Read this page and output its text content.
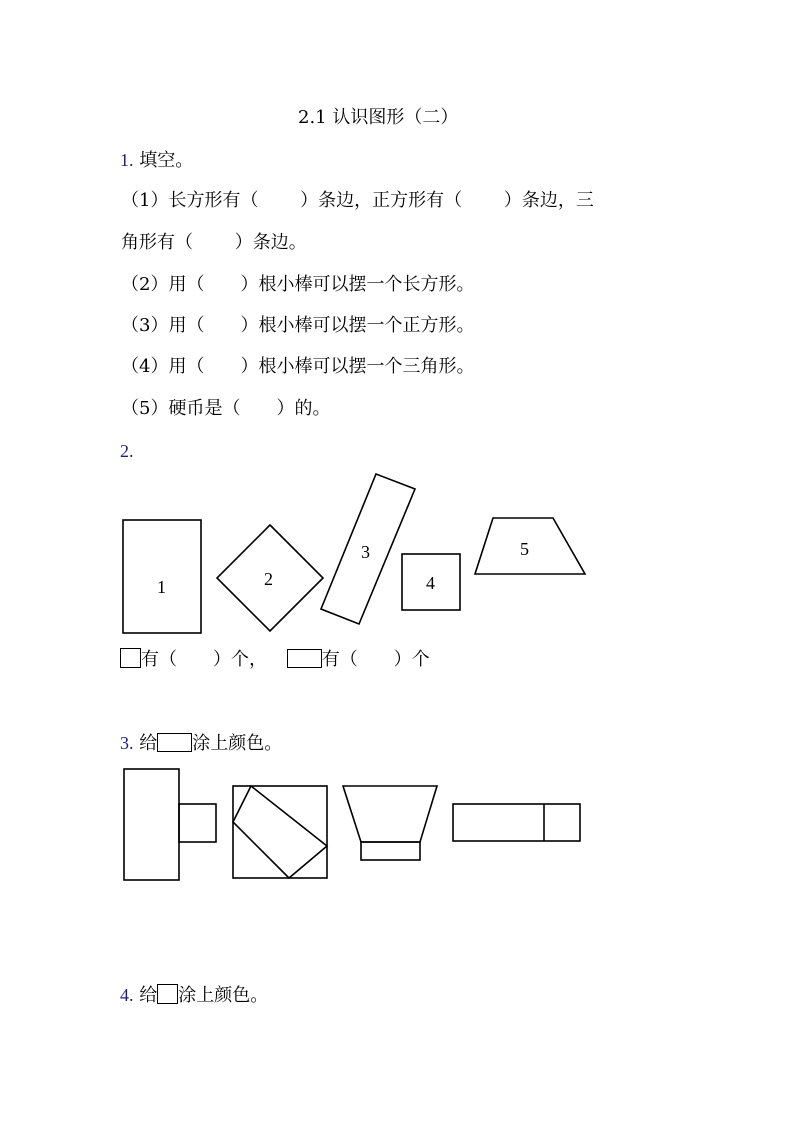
2.1 认识图形（二）
1. 填空。
（1）长方形有（　　 ）条边，正方形有（　　 ）条边，三
角形有（　　 ）条边。
（2）用（　　）根小棒可以摆一个长方形。
（3）用（　　）根小棒可以摆一个正方形。
（4）用（　　）根小棒可以摆一个三角形。
（5）硬币是（　　）的。
2.
1	2
3
4
5
有（　　）个，	有（　　）个
3. 给 涂上颜色。
4. 给 涂上颜色。
